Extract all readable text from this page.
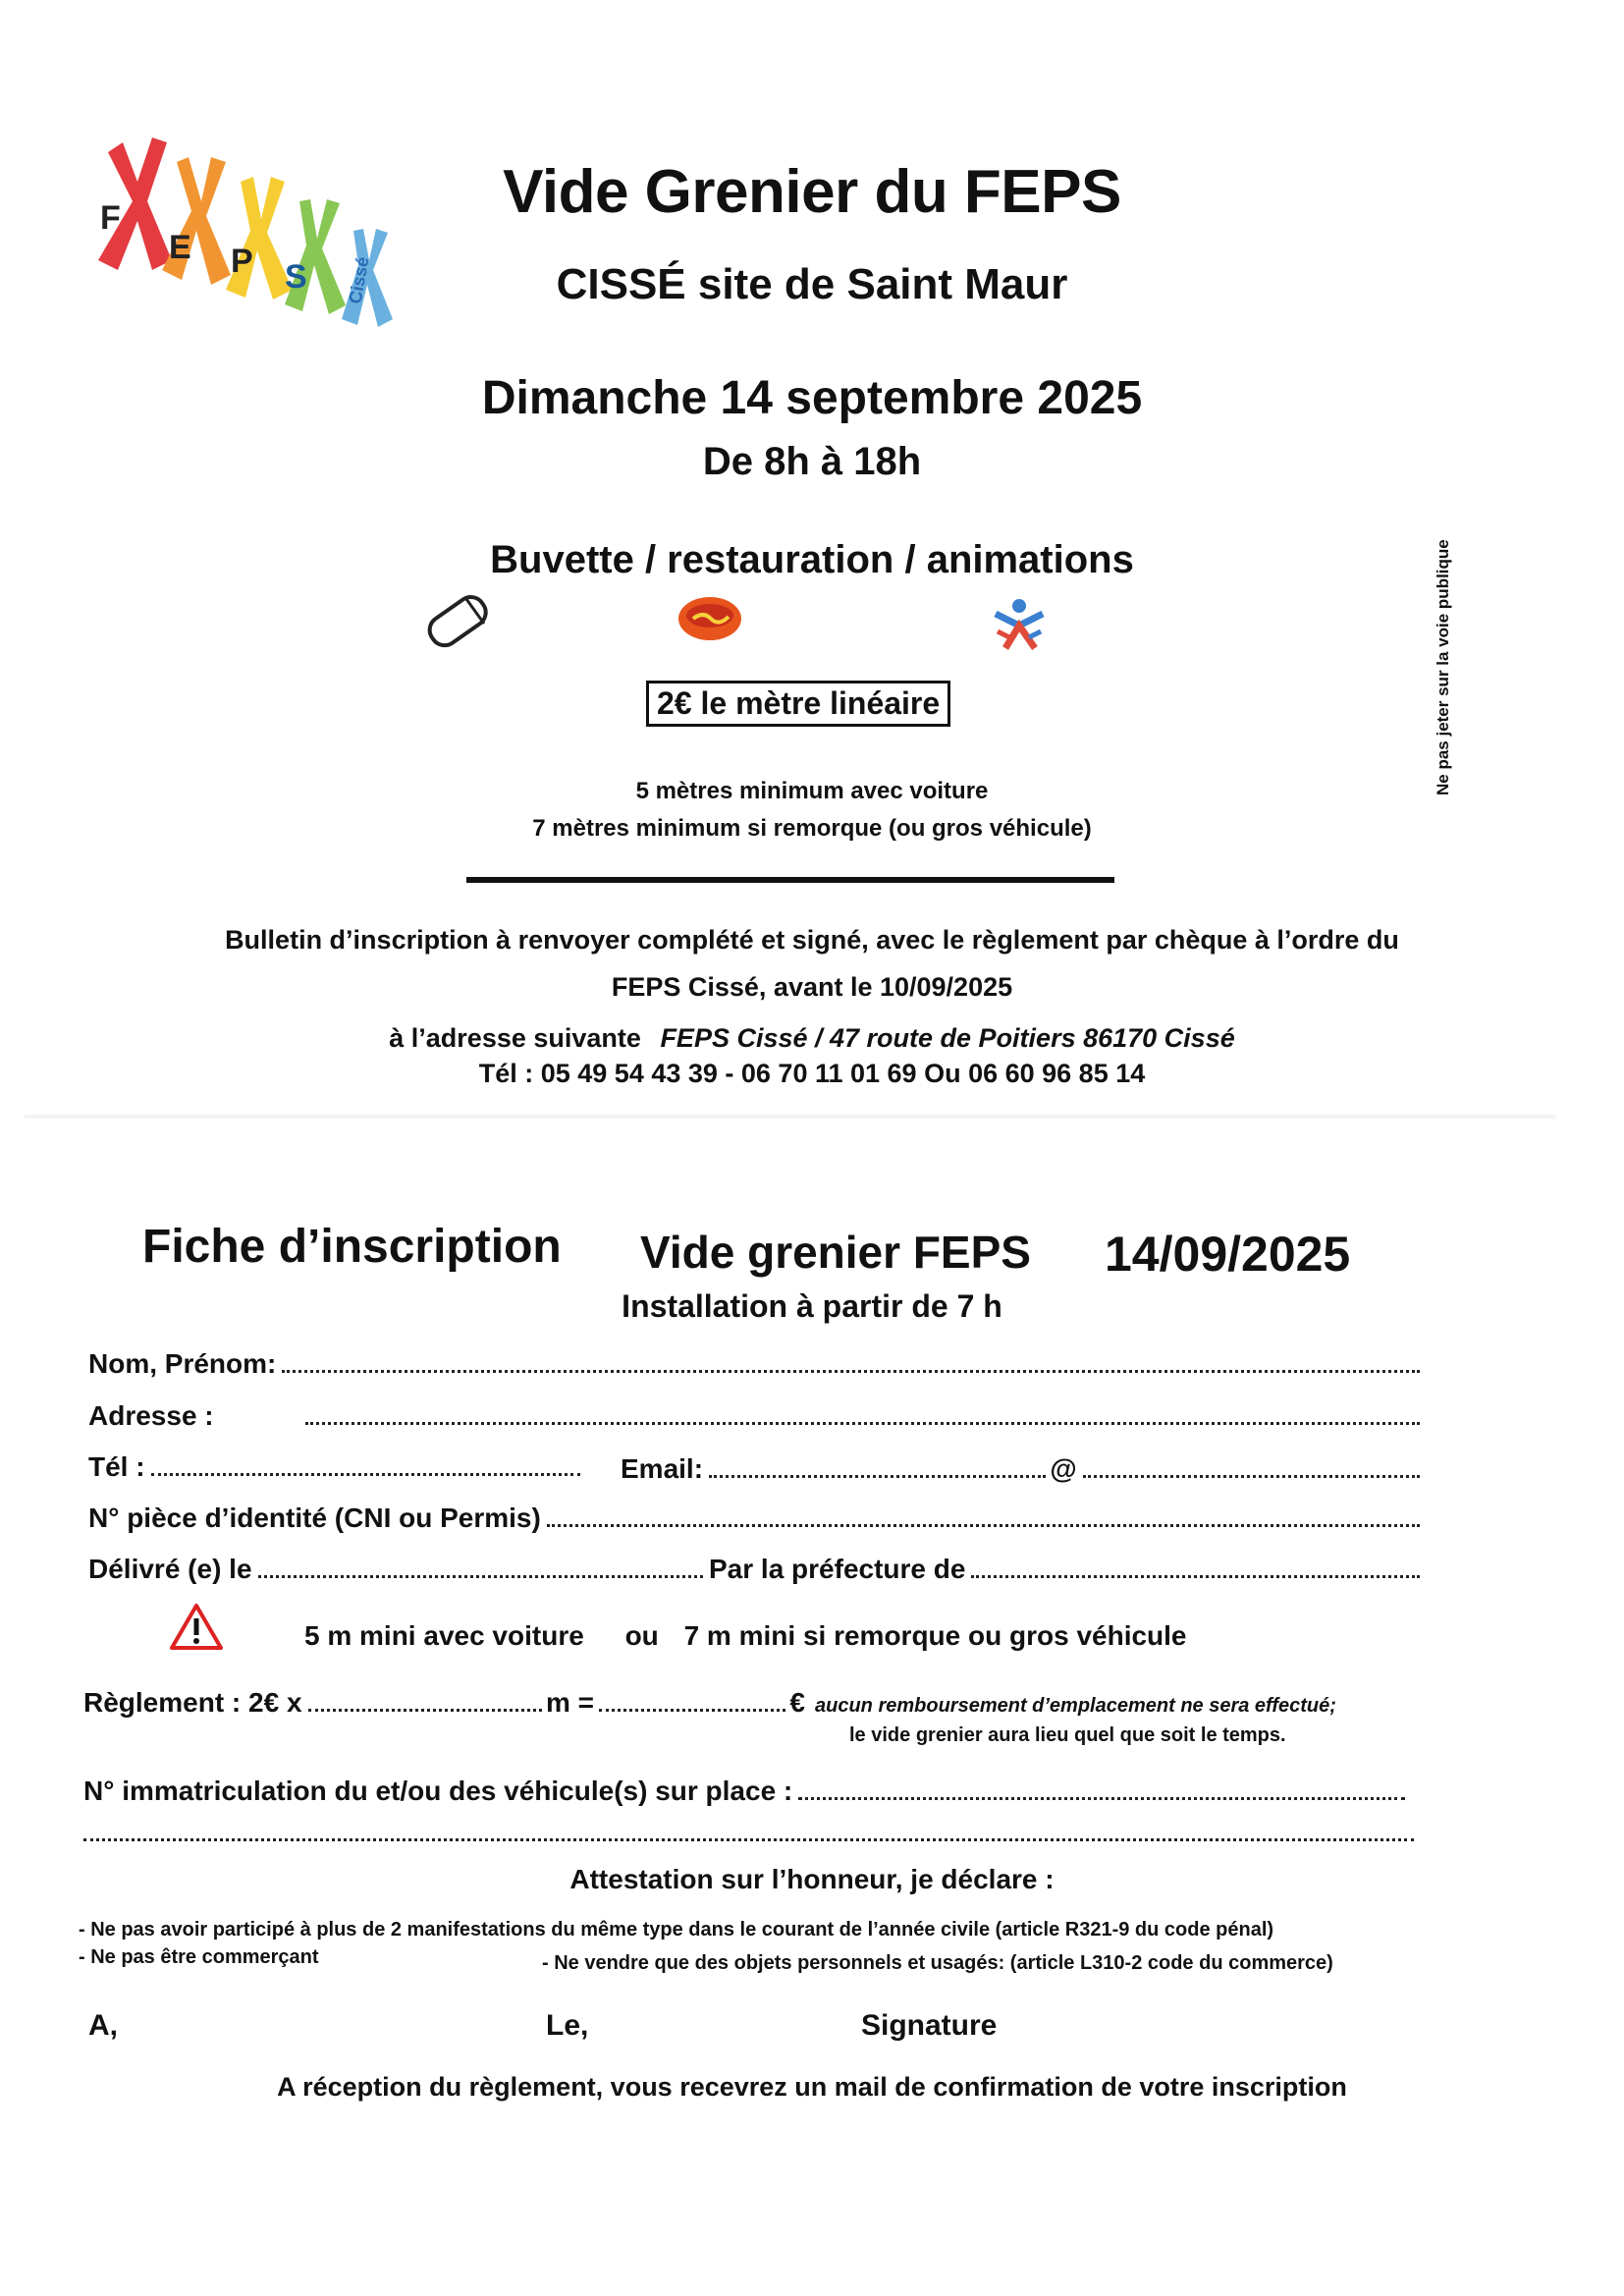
F
E P S Cissé
Vide Grenier du FEPS
CISSÉ site de Saint Maur
Dimanche 14 septembre 2025
De 8h à 18h
Buvette / restauration / animations
2€ le mètre linéaire
5 mètres minimum avec voiture
7 mètres minimum si remorque (ou gros véhicule)
Ne pas jeter sur la voie publique
Bulletin d’inscription à renvoyer complété et signé, avec le règlement par chèque à l’ordre du
FEPS Cissé, avant le 10/09/2025
à l’adresse suivante FEPS Cissé / 47 route de Poitiers 86170 Cissé
Tél : 05 49 54 43 39 - 06 70 11 01 69 Ou 06 60 96 85 14
Fiche d’inscription Vide grenier FEPS 14/09/2025
Installation à partir de 7 h
Nom, Prénom:
Adresse :
Tél :	Email:	@
N° pièce d’identité (CNI ou Permis)
Délivré (e) le	Par la préfecture de
5 m mini avec voiture ou 7 m mini si remorque ou gros véhicule
Règlement : 2€ x	m =	€ aucun remboursement d’emplacement ne sera effectué;
le vide grenier aura lieu quel que soit le temps.
N° immatriculation du et/ou des véhicule(s) sur place :
Attestation sur l’honneur, je déclare :
- Ne pas avoir participé à plus de 2 manifestations du même type dans le courant de l’année civile (article R321-9 du code pénal)
- Ne pas être commerçant	- Ne vendre que des objets personnels et usagés: (article L310-2 code du commerce)
A,	Le,	Signature
A réception du règlement, vous recevrez un mail de confirmation de votre inscription
